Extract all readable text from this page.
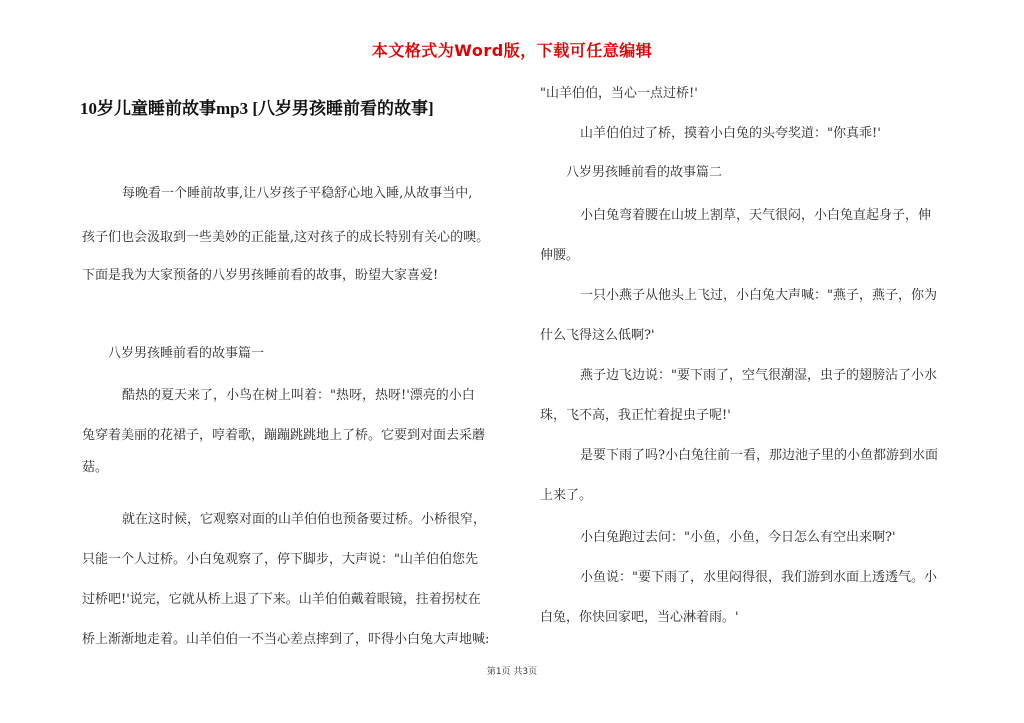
本文格式为Word版，下载可任意编辑
10岁儿童睡前故事mp3 [八岁男孩睡前看的故事]
每晚看一个睡前故事,让八岁孩子平稳舒心地入睡,从故事当中,
孩子们也会汲取到一些美妙的正能量,这对孩子的成长特别有关心的噢。
下面是我为大家预备的八岁男孩睡前看的故事，盼望大家喜爱!
八岁男孩睡前看的故事篇一
酷热的夏天来了，小鸟在树上叫着："热呀，热呀!'漂亮的小白
兔穿着美丽的花裙子，哼着歌，蹦蹦跳跳地上了桥。它要到对面去采蘑
菇。
就在这时候，它观察对面的山羊伯伯也预备要过桥。小桥很窄，
只能一个人过桥。小白兔观察了，停下脚步，大声说："山羊伯伯您先
过桥吧!'说完，它就从桥上退了下来。山羊伯伯戴着眼镜，拄着拐杖在
桥上渐渐地走着。山羊伯伯一不当心差点摔到了，吓得小白兔大声地喊:
"山羊伯伯，当心一点过桥!'
山羊伯伯过了桥，摸着小白兔的头夸奖道："你真乖!'
八岁男孩睡前看的故事篇二
小白兔弯着腰在山坡上割草，天气很闷，小白兔直起身子，伸
伸腰。
一只小燕子从他头上飞过，小白兔大声喊："燕子，燕子，你为
什么飞得这么低啊?'
燕子边飞边说："要下雨了，空气很潮湿，虫子的翅膀沾了小水
珠，飞不高，我正忙着捉虫子呢!'
是要下雨了吗?小白兔往前一看，那边池子里的小鱼都游到水面
上来了。
小白兔跑过去问："小鱼，小鱼，今日怎么有空出来啊?'
小鱼说："要下雨了，水里闷得很，我们游到水面上透透气。小
白兔，你快回家吧，当心淋着雨。'
第1页 共3页
